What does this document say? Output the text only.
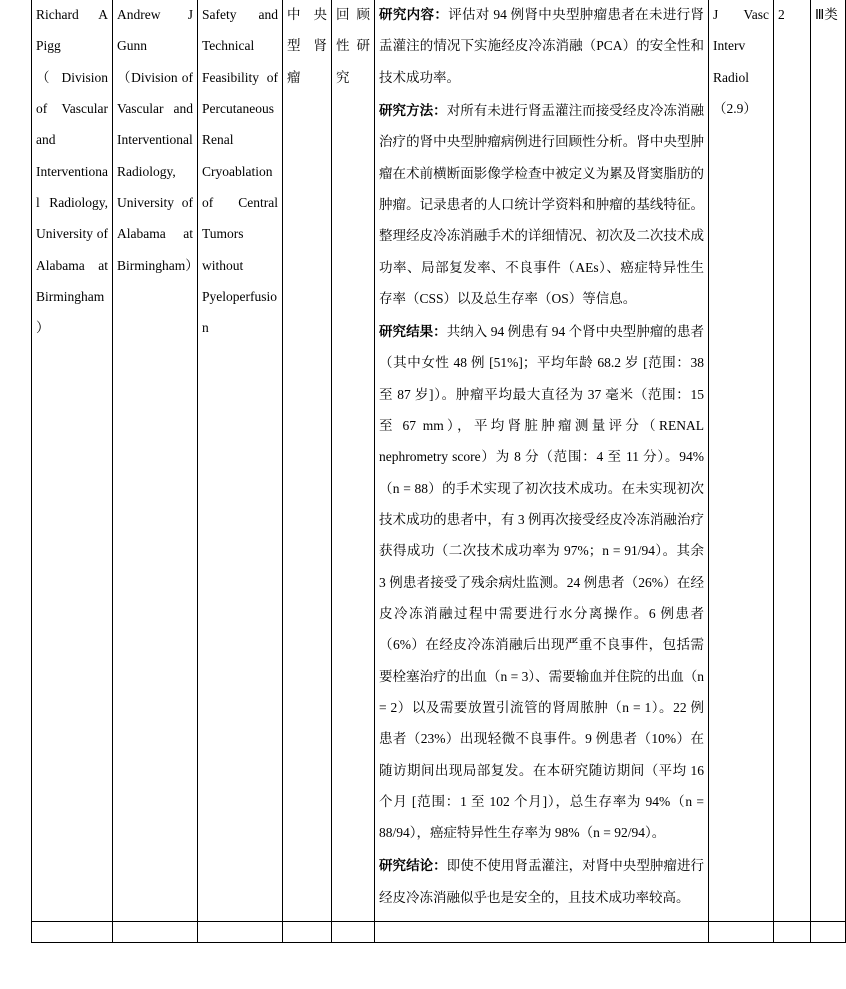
Richard A Pigg（Division of Vascular and Interventional Radiology, University of Alabama at Birmingham）	Andrew J Gunn（Division of Vascular and Interventional Radiology, University of Alabama at Birmingham）	Safety and Technical Feasibility of Percutaneous Renal Cryoablation of Central Tumors without Pyeloperfusion	中央型肾瘤	回顾性研究	研究内容：评估对 94 例肾中央型肿瘤患者在未进行肾盂灌注的情况下实施经皮冷冻消融（PCA）的安全性和技术成功率。

研究方法：对所有未进行肾盂灌注而接受经皮冷冻消融治疗的肾中央型肿瘤病例进行回顾性分析。肾中央型肿瘤在术前横断面影像学检查中被定义为累及肾窦脂肪的肿瘤。记录患者的人口统计学资料和肿瘤的基线特征。整理经皮冷冻消融手术的详细情况、初次及二次技术成功率、局部复发率、不良事件（AEs）、癌症特异性生存率（CSS）以及总生存率（OS）等信息。

研究结果：共纳入 94 例患有 94 个肾中央型肿瘤的患者（其中女性 48 例 [51%]；平均年龄 68.2 岁 [范围：38 至 87 岁]）。肿瘤平均最大直径为 37 毫米（范围：15 至 67 mm），平均肾脏肿瘤测量评分（RENAL nephrometry score）为 8 分（范围：4 至 11 分）。94%（n = 88）的手术实现了初次技术成功。在未实现初次技术成功的患者中，有 3 例再次接受经皮冷冻消融治疗获得成功（二次技术成功率为 97%；n = 91/94）。其余 3 例患者接受了残余病灶监测。24 例患者（26%）在经皮冷冻消融过程中需要进行水分离操作。6 例患者（6%）在经皮冷冻消融后出现严重不良事件，包括需要栓塞治疗的出血（n = 3）、需要输血并住院的出血（n = 2）以及需要放置引流管的肾周脓肿（n = 1）。22 例患者（23%）出现轻微不良事件。9 例患者（10%）在随访期间出现局部复发。在本研究随访期间（平均 16 个月 [范围：1 至 102 个月]），总生存率为 94%（n = 88/94），癌症特异性生存率为 98%（n = 92/94）。

研究结论：即使不使用肾盂灌注，对肾中央型肿瘤进行经皮冷冻消融似乎也是安全的，且技术成功率较高。	J Vasc Interv Radiol（2.9）	2	Ⅲ类
